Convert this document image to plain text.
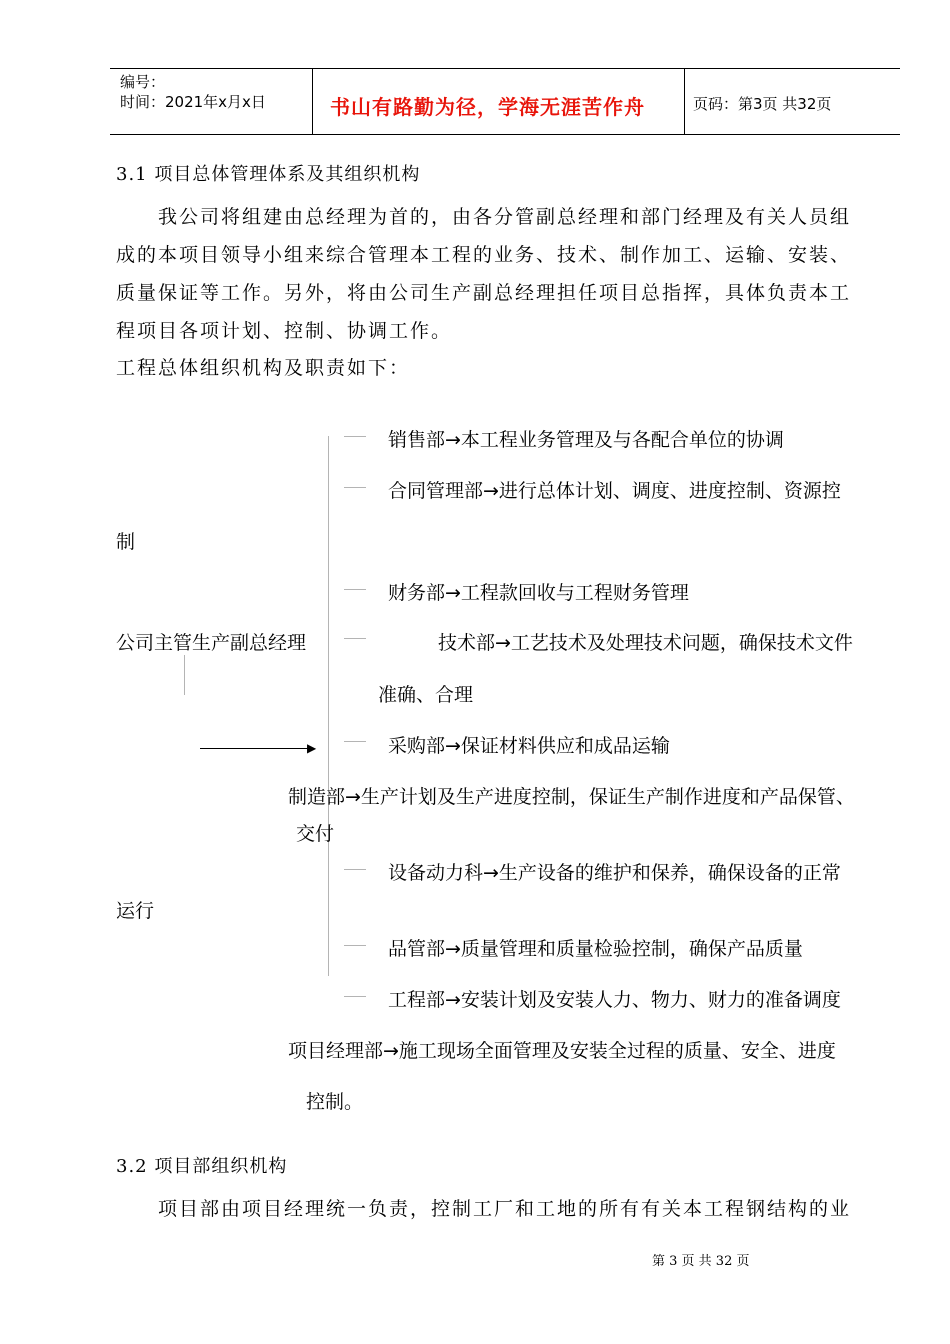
编号：
时间：2021年x月x日	书山有路勤为径，学海无涯苦作舟	页码：第3页 共32页
3.1 项目总体管理体系及其组织机构
我公司将组建由总经理为首的，由各分管副总经理和部门经理及有关人员组
成的本项目领导小组来综合管理本工程的业务、技术、制作加工、运输、安装、
质量保证等工作。另外，将由公司生产副总经理担任项目总指挥，具体负责本工
程项目各项计划、控制、协调工作。
工程总体组织机构及职责如下：
▶
公司主管生产副总经理
销售部→本工程业务管理及与各配合单位的协调
合同管理部→进行总体计划、调度、进度控制、资源控
制
财务部→工程款回收与工程财务管理
技术部→工艺技术及处理技术问题，确保技术文件
准确、合理
采购部→保证材料供应和成品运输
制造部→生产计划及生产进度控制，保证生产制作进度和产品保管、
交付
设备动力科→生产设备的维护和保养，确保设备的正常
运行
品管部→质量管理和质量检验控制，确保产品质量
工程部→安装计划及安装人力、物力、财力的准备调度
项目经理部→施工现场全面管理及安装全过程的质量、安全、进度
控制。
3.2 项目部组织机构
项目部由项目经理统一负责，控制工厂和工地的所有有关本工程钢结构的业
第 3 页 共 32 页
